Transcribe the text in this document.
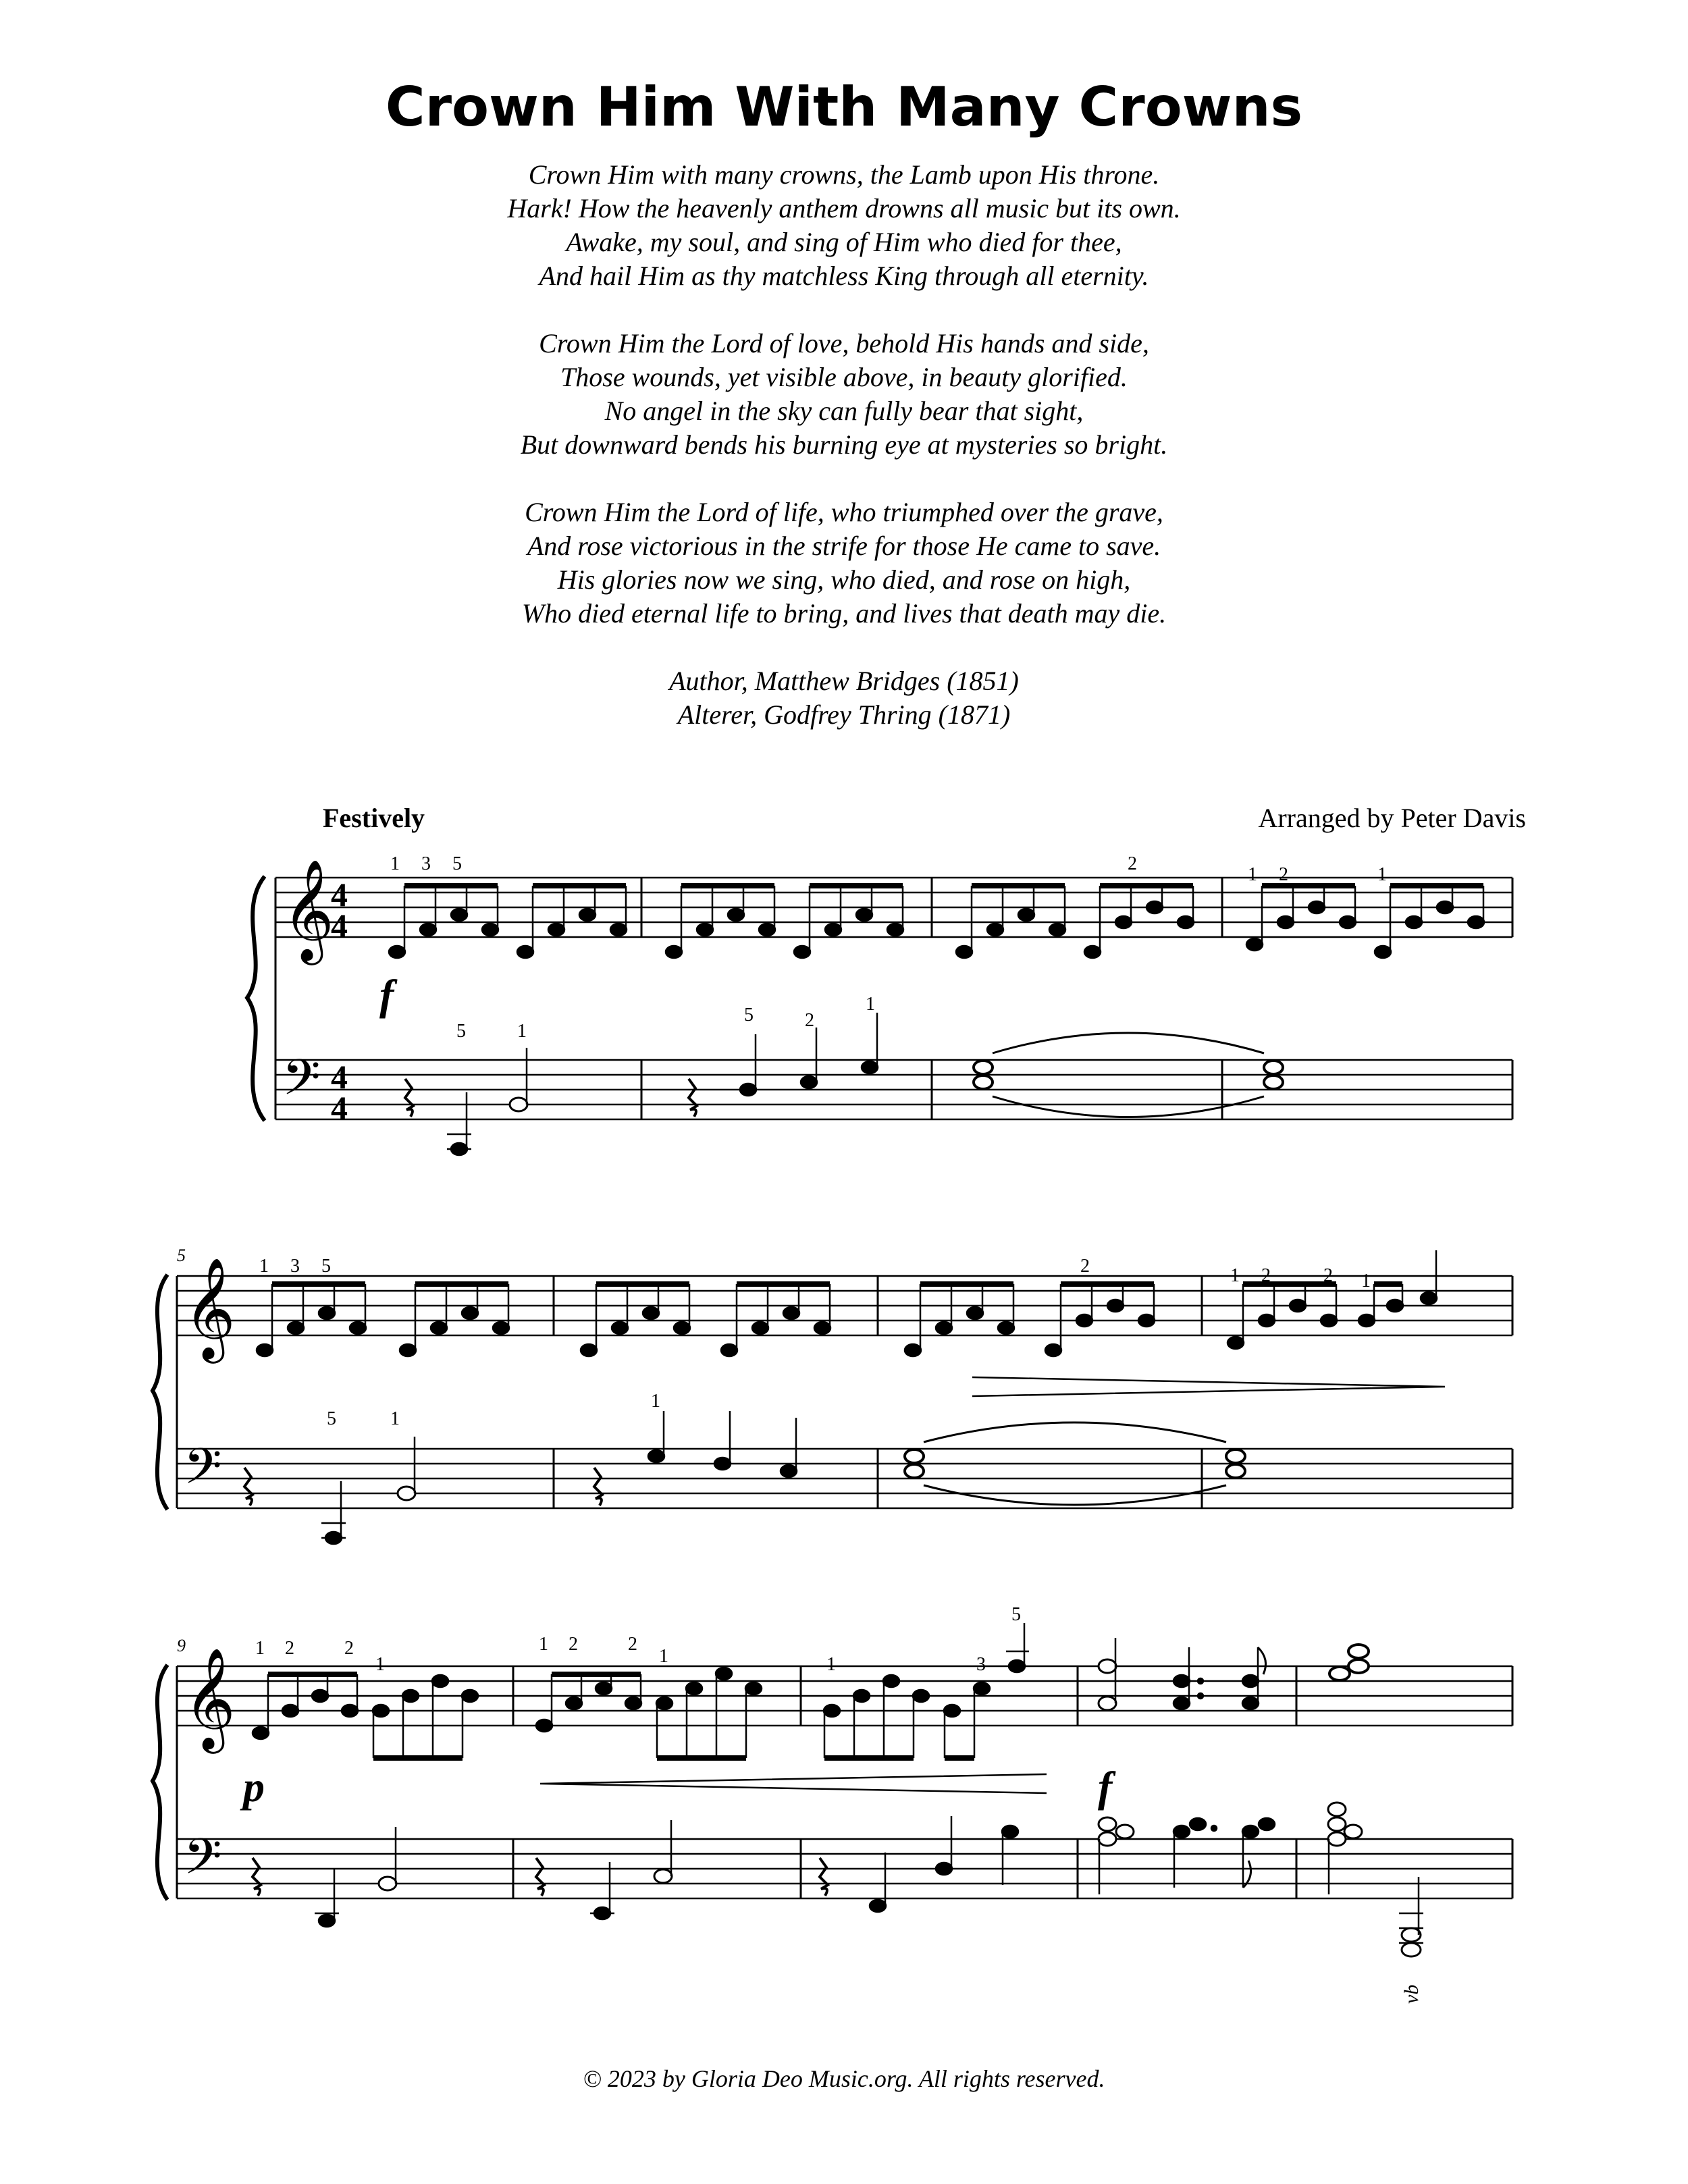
Crown Him With Many Crowns
Crown Him with many crowns, the Lamb upon His throne.
Hark! How the heavenly anthem drowns all music but its own.
Awake, my soul, and sing of Him who died for thee,
And hail Him as thy matchless King through all eternity.
Crown Him the Lord of love, behold His hands and side,
Those wounds, yet visible above, in beauty glorified.
No angel in the sky can fully bear that sight,
But downward bends his burning eye at mysteries so bright.
Crown Him the Lord of life, who triumphed over the grave,
And rose victorious in the strife for those He came to save.
His glories now we sing, who died, and rose on high,
Who died eternal life to bring, and lives that death may die.
Author, Matthew Bridges (1851)
Alterer, Godfrey Thring (1871)
Festively	Arranged by Peter Davis
𝄞
𝄢
4
4
4
4
1 3 5	2
1 2	1
5	1
5	2
1
f
5
𝄞
𝄢
1 3 5	2	1 2	2 1
5	1
1
9
𝄞
𝄢
1 2	2
1
1 2	2
1	1	3
5
p	f
vb
© 2023 by Gloria Deo Music.org. All rights reserved.
